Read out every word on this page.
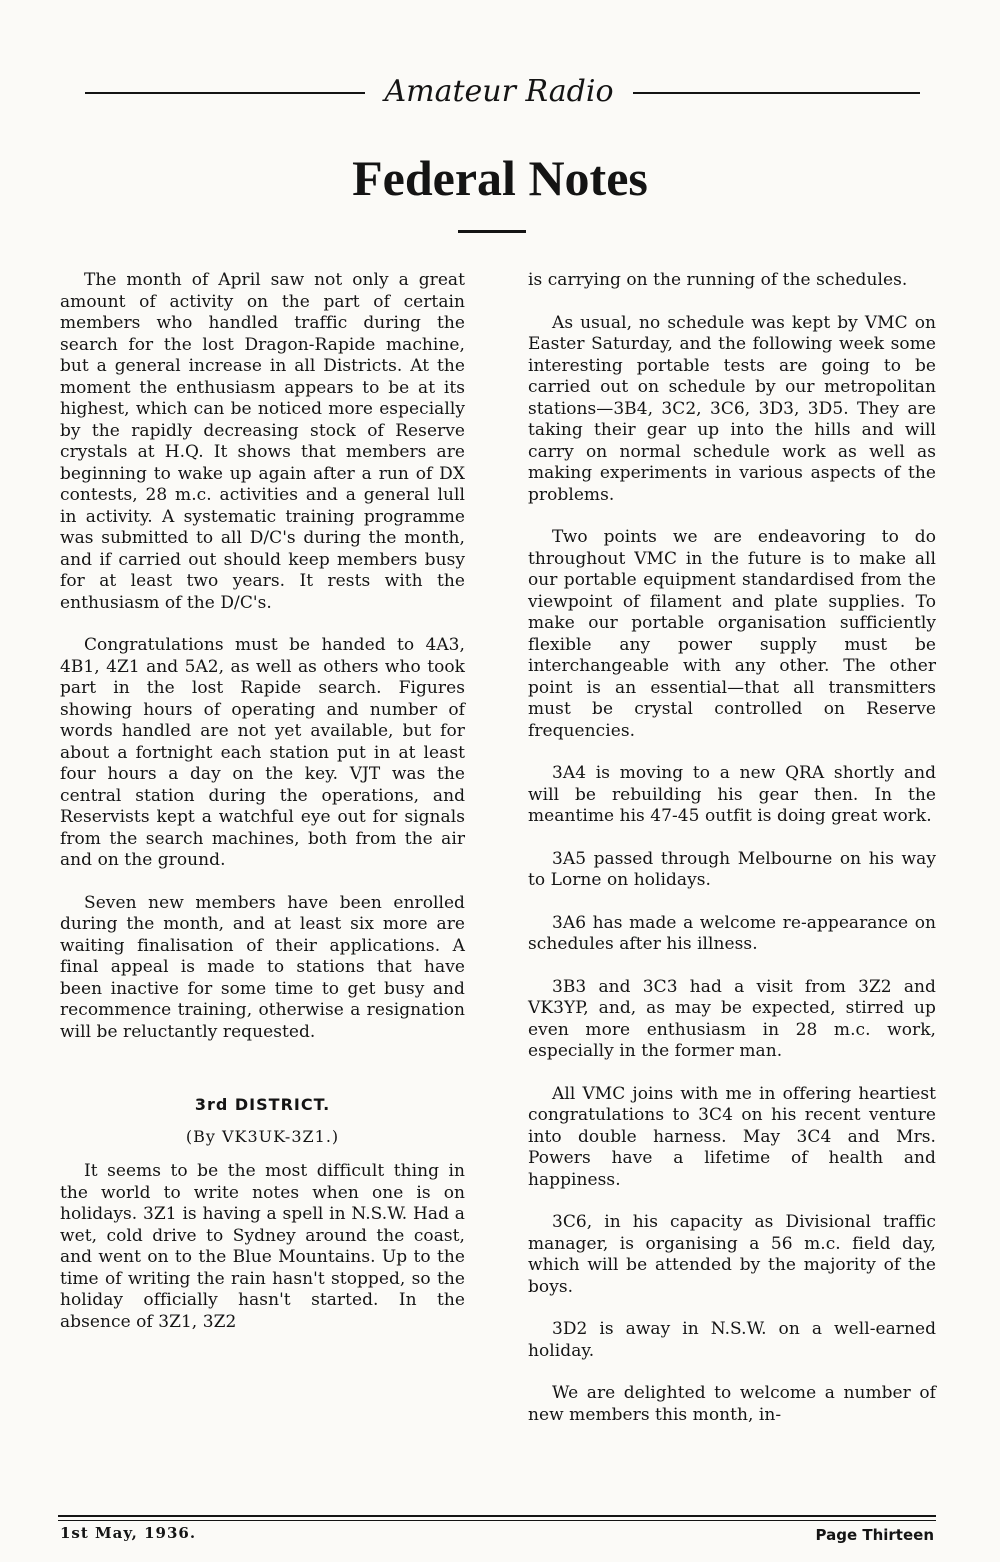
Amateur Radio
Federal Notes

The month of April saw not only a great amount of activity on the part of certain members who handled traffic during the search for the lost Dragon-Rapide machine, but a general increase in all Districts. At the moment the enthusiasm appears to be at its highest, which can be noticed more especially by the rapidly decreasing stock of Reserve crystals at H.Q. It shows that members are beginning to wake up again after a run of DX contests, 28 m.c. activities and a general lull in activity. A systematic training programme was submitted to all D/C's during the month, and if carried out should keep members busy for at least two years. It rests with the enthusiasm of the D/C's.

Congratulations must be handed to 4A3, 4B1, 4Z1 and 5A2, as well as others who took part in the lost Rapide search. Figures showing hours of operating and number of words handled are not yet available, but for about a fortnight each station put in at least four hours a day on the key. VJT was the central station during the operations, and Reservists kept a watchful eye out for signals from the search machines, both from the air and on the ground.

Seven new members have been enrolled during the month, and at least six more are waiting finalisation of their applications. A final appeal is made to stations that have been inactive for some time to get busy and recommence training, otherwise a resignation will be reluctantly requested.

3rd DISTRICT.
(By VK3UK-3Z1.)

It seems to be the most difficult thing in the world to write notes when one is on holidays. 3Z1 is having a spell in N.S.W. Had a wet, cold drive to Sydney around the coast, and went on to the Blue Mountains. Up to the time of writing the rain hasn't stopped, so the holiday officially hasn't started. In the absence of 3Z1, 3Z2

is carrying on the running of the schedules.

As usual, no schedule was kept by VMC on Easter Saturday, and the following week some interesting portable tests are going to be carried out on schedule by our metropolitan stations—3B4, 3C2, 3C6, 3D3, 3D5. They are taking their gear up into the hills and will carry on normal schedule work as well as making experiments in various aspects of the problems.

Two points we are endeavoring to do throughout VMC in the future is to make all our portable equipment standardised from the viewpoint of filament and plate supplies. To make our portable organisation sufficiently flexible any power supply must be interchangeable with any other. The other point is an essential—that all transmitters must be crystal controlled on Reserve frequencies.

3A4 is moving to a new QRA shortly and will be rebuilding his gear then. In the meantime his 47-45 outfit is doing great work.

3A5 passed through Melbourne on his way to Lorne on holidays.

3A6 has made a welcome re-appearance on schedules after his illness.

3B3 and 3C3 had a visit from 3Z2 and VK3YP, and, as may be expected, stirred up even more enthusiasm in 28 m.c. work, especially in the former man.

All VMC joins with me in offering heartiest congratulations to 3C4 on his recent venture into double harness. May 3C4 and Mrs. Powers have a lifetime of health and happiness.

3C6, in his capacity as Divisional traffic manager, is organising a 56 m.c. field day, which will be attended by the majority of the boys.

3D2 is away in N.S.W. on a well-earned holiday.

We are delighted to welcome a number of new members this month, in-

1st May, 1936.	Page Thirteen
